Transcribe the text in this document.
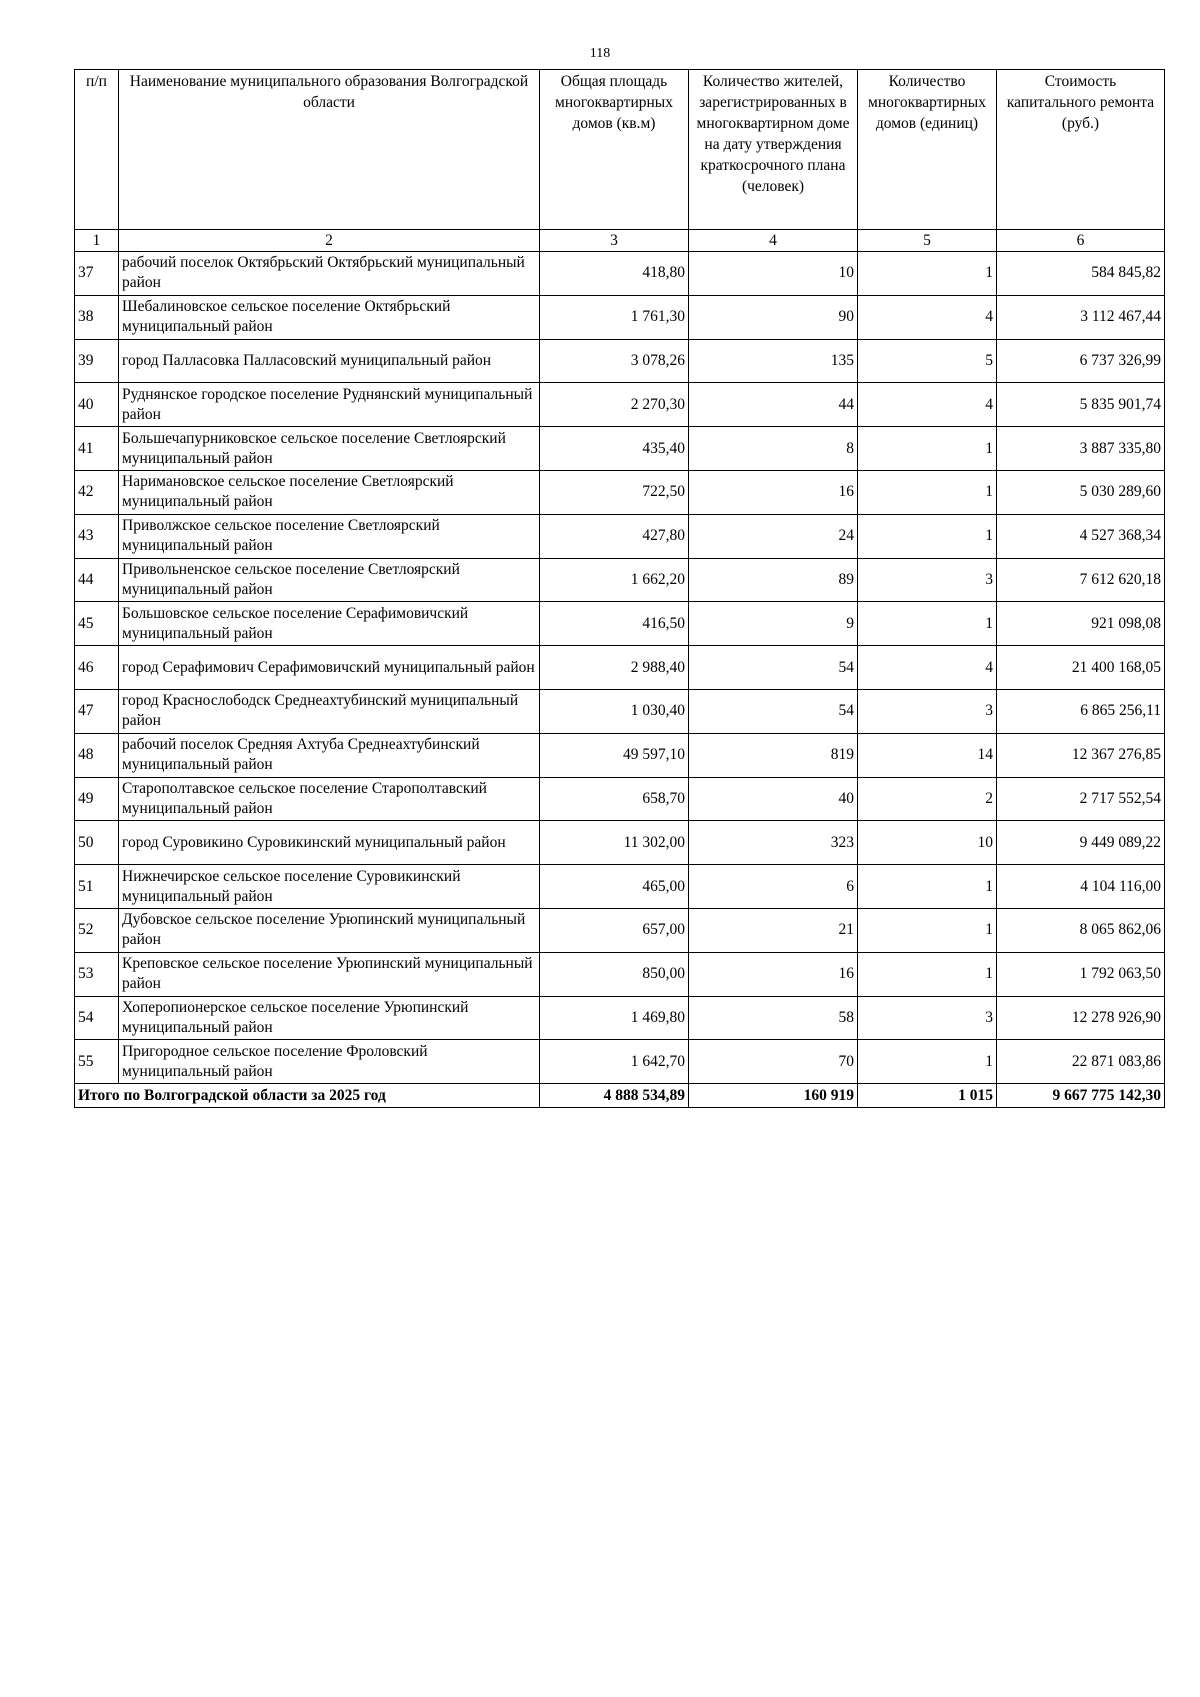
118
п/п	Наименование муниципального образования Волгоградской области	Общая площадь многоквартирных домов (кв.м)	Количество жителей, зарегистрированных в многоквартирном доме на дату утверждения краткосрочного плана (человек)	Количество многоквартирных домов (единиц)	Стоимость капитального ремонта (руб.)
1	2	3	4	5	6
37	рабочий поселок Октябрьский Октябрьский муниципальный район	418,80	10	1	584 845,82
38	Шебалиновское сельское поселение Октябрьский муниципальный район	1 761,30	90	4	3 112 467,44
39	город Палласовка Палласовский муниципальный район	3 078,26	135	5	6 737 326,99
40	Руднянское городское поселение Руднянский муниципальный район	2 270,30	44	4	5 835 901,74
41	Большечапурниковское сельское поселение Светлоярский муниципальный район	435,40	8	1	3 887 335,80
42	Наримановское сельское поселение Светлоярский муниципальный район	722,50	16	1	5 030 289,60
43	Приволжское сельское поселение Светлоярский муниципальный район	427,80	24	1	4 527 368,34
44	Привольненское сельское поселение Светлоярский муниципальный район	1 662,20	89	3	7 612 620,18
45	Большовское сельское поселение Серафимовичский муниципальный район	416,50	9	1	921 098,08
46	город Серафимович Серафимовичский муниципальный район	2 988,40	54	4	21 400 168,05
47	город Краснослободск Среднеахтубинский муниципальный район	1 030,40	54	3	6 865 256,11
48	рабочий поселок Средняя Ахтуба Среднеахтубинский муниципальный район	49 597,10	819	14	12 367 276,85
49	Старополтавское сельское поселение Старополтавский муниципальный район	658,70	40	2	2 717 552,54
50	город Суровикино Суровикинский муниципальный район	11 302,00	323	10	9 449 089,22
51	Нижнечирское сельское поселение Суровикинский муниципальный район	465,00	6	1	4 104 116,00
52	Дубовское сельское поселение Урюпинский муниципальный район	657,00	21	1	8 065 862,06
53	Креповское сельское поселение Урюпинский муниципальный район	850,00	16	1	1 792 063,50
54	Хоперопионерское сельское поселение Урюпинский муниципальный район	1 469,80	58	3	12 278 926,90
55	Пригородное сельское поселение Фроловский муниципальный район	1 642,70	70	1	22 871 083,86
Итого по Волгоградской области за 2025 год		4 888 534,89	160 919	1 015	9 667 775 142,30
